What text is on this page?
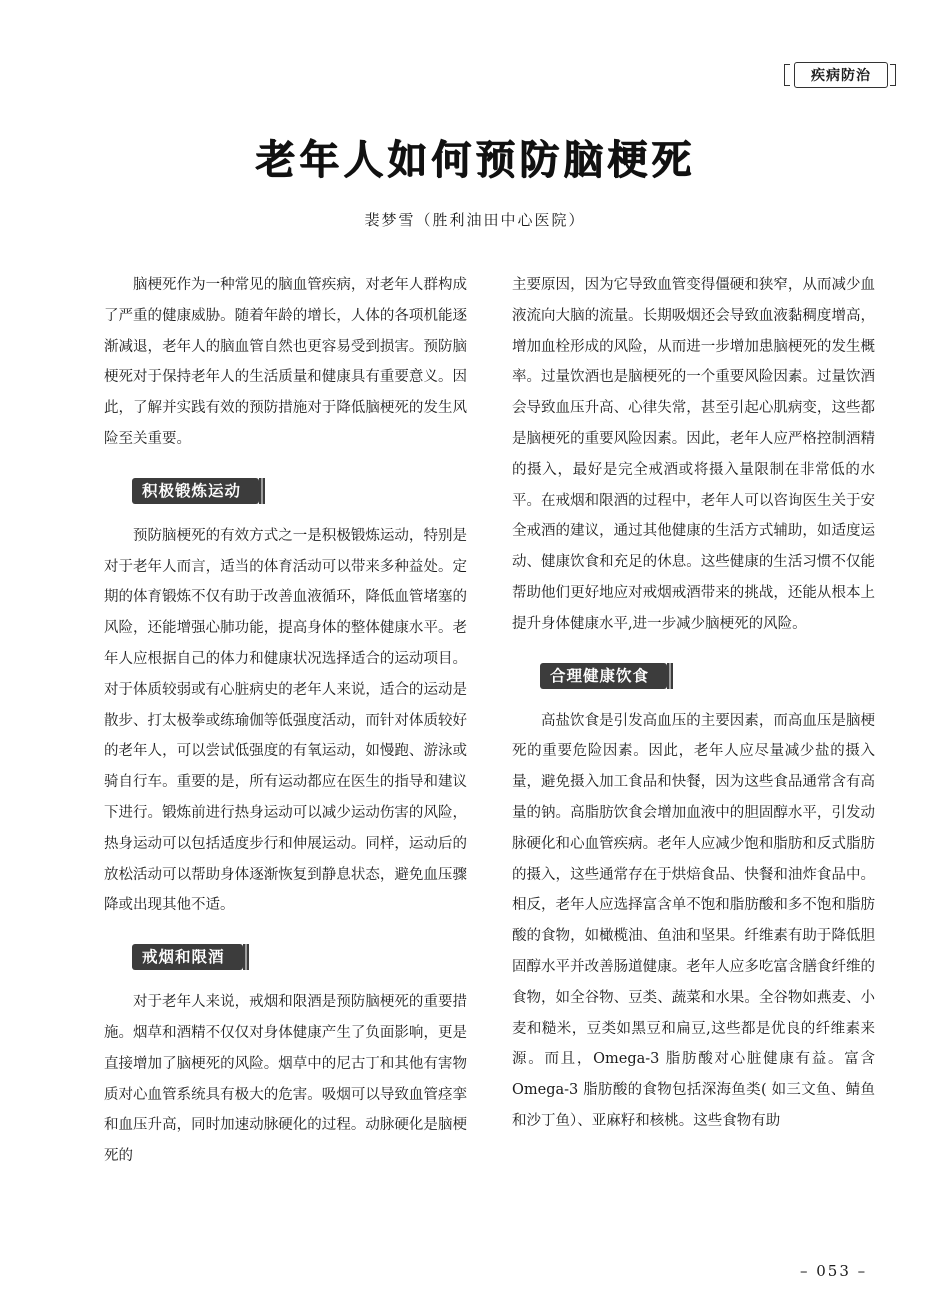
疾病防治
老年人如何预防脑梗死
裴梦雪（胜利油田中心医院）

脑梗死作为一种常见的脑血管疾病，对老年人群构成了严重的健康威胁。随着年龄的增长，人体的各项机能逐渐减退，老年人的脑血管自然也更容易受到损害。预防脑梗死对于保持老年人的生活质量和健康具有重要意义。因此，了解并实践有效的预防措施对于降低脑梗死的发生风险至关重要。

积极锻炼运动

预防脑梗死的有效方式之一是积极锻炼运动，特别是对于老年人而言，适当的体育活动可以带来多种益处。定期的体育锻炼不仅有助于改善血液循环，降低血管堵塞的风险，还能增强心肺功能，提高身体的整体健康水平。老年人应根据自己的体力和健康状况选择适合的运动项目。对于体质较弱或有心脏病史的老年人来说，适合的运动是散步、打太极拳或练瑜伽等低强度活动，而针对体质较好的老年人，可以尝试低强度的有氧运动，如慢跑、游泳或骑自行车。重要的是，所有运动都应在医生的指导和建议下进行。锻炼前进行热身运动可以减少运动伤害的风险，热身运动可以包括适度步行和伸展运动。同样，运动后的放松活动可以帮助身体逐渐恢复到静息状态，避免血压骤降或出现其他不适。

戒烟和限酒

对于老年人来说，戒烟和限酒是预防脑梗死的重要措施。烟草和酒精不仅仅对身体健康产生了负面影响，更是直接增加了脑梗死的风险。烟草中的尼古丁和其他有害物质对心血管系统具有极大的危害。吸烟可以导致血管痉挛和血压升高，同时加速动脉硬化的过程。动脉硬化是脑梗死的

主要原因，因为它导致血管变得僵硬和狭窄，从而减少血液流向大脑的流量。长期吸烟还会导致血液黏稠度增高，增加血栓形成的风险，从而进一步增加患脑梗死的发生概率。过量饮酒也是脑梗死的一个重要风险因素。过量饮酒会导致血压升高、心律失常，甚至引起心肌病变，这些都是脑梗死的重要风险因素。因此，老年人应严格控制酒精的摄入，最好是完全戒酒或将摄入量限制在非常低的水平。在戒烟和限酒的过程中，老年人可以咨询医生关于安全戒酒的建议，通过其他健康的生活方式辅助，如适度运动、健康饮食和充足的休息。这些健康的生活习惯不仅能帮助他们更好地应对戒烟戒酒带来的挑战，还能从根本上提升身体健康水平,进一步减少脑梗死的风险。

合理健康饮食

高盐饮食是引发高血压的主要因素，而高血压是脑梗死的重要危险因素。因此，老年人应尽量减少盐的摄入量，避免摄入加工食品和快餐，因为这些食品通常含有高量的钠。高脂肪饮食会增加血液中的胆固醇水平，引发动脉硬化和心血管疾病。老年人应减少饱和脂肪和反式脂肪的摄入，这些通常存在于烘焙食品、快餐和油炸食品中。相反，老年人应选择富含单不饱和脂肪酸和多不饱和脂肪酸的食物，如橄榄油、鱼油和坚果。纤维素有助于降低胆固醇水平并改善肠道健康。老年人应多吃富含膳食纤维的食物，如全谷物、豆类、蔬菜和水果。全谷物如燕麦、小麦和糙米，豆类如黑豆和扁豆,这些都是优良的纤维素来源。而且，Omega-3 脂肪酸对心脏健康有益。富含 Omega-3 脂肪酸的食物包括深海鱼类( 如三文鱼、鲭鱼和沙丁鱼）、亚麻籽和核桃。这些食物有助

– 053 –
